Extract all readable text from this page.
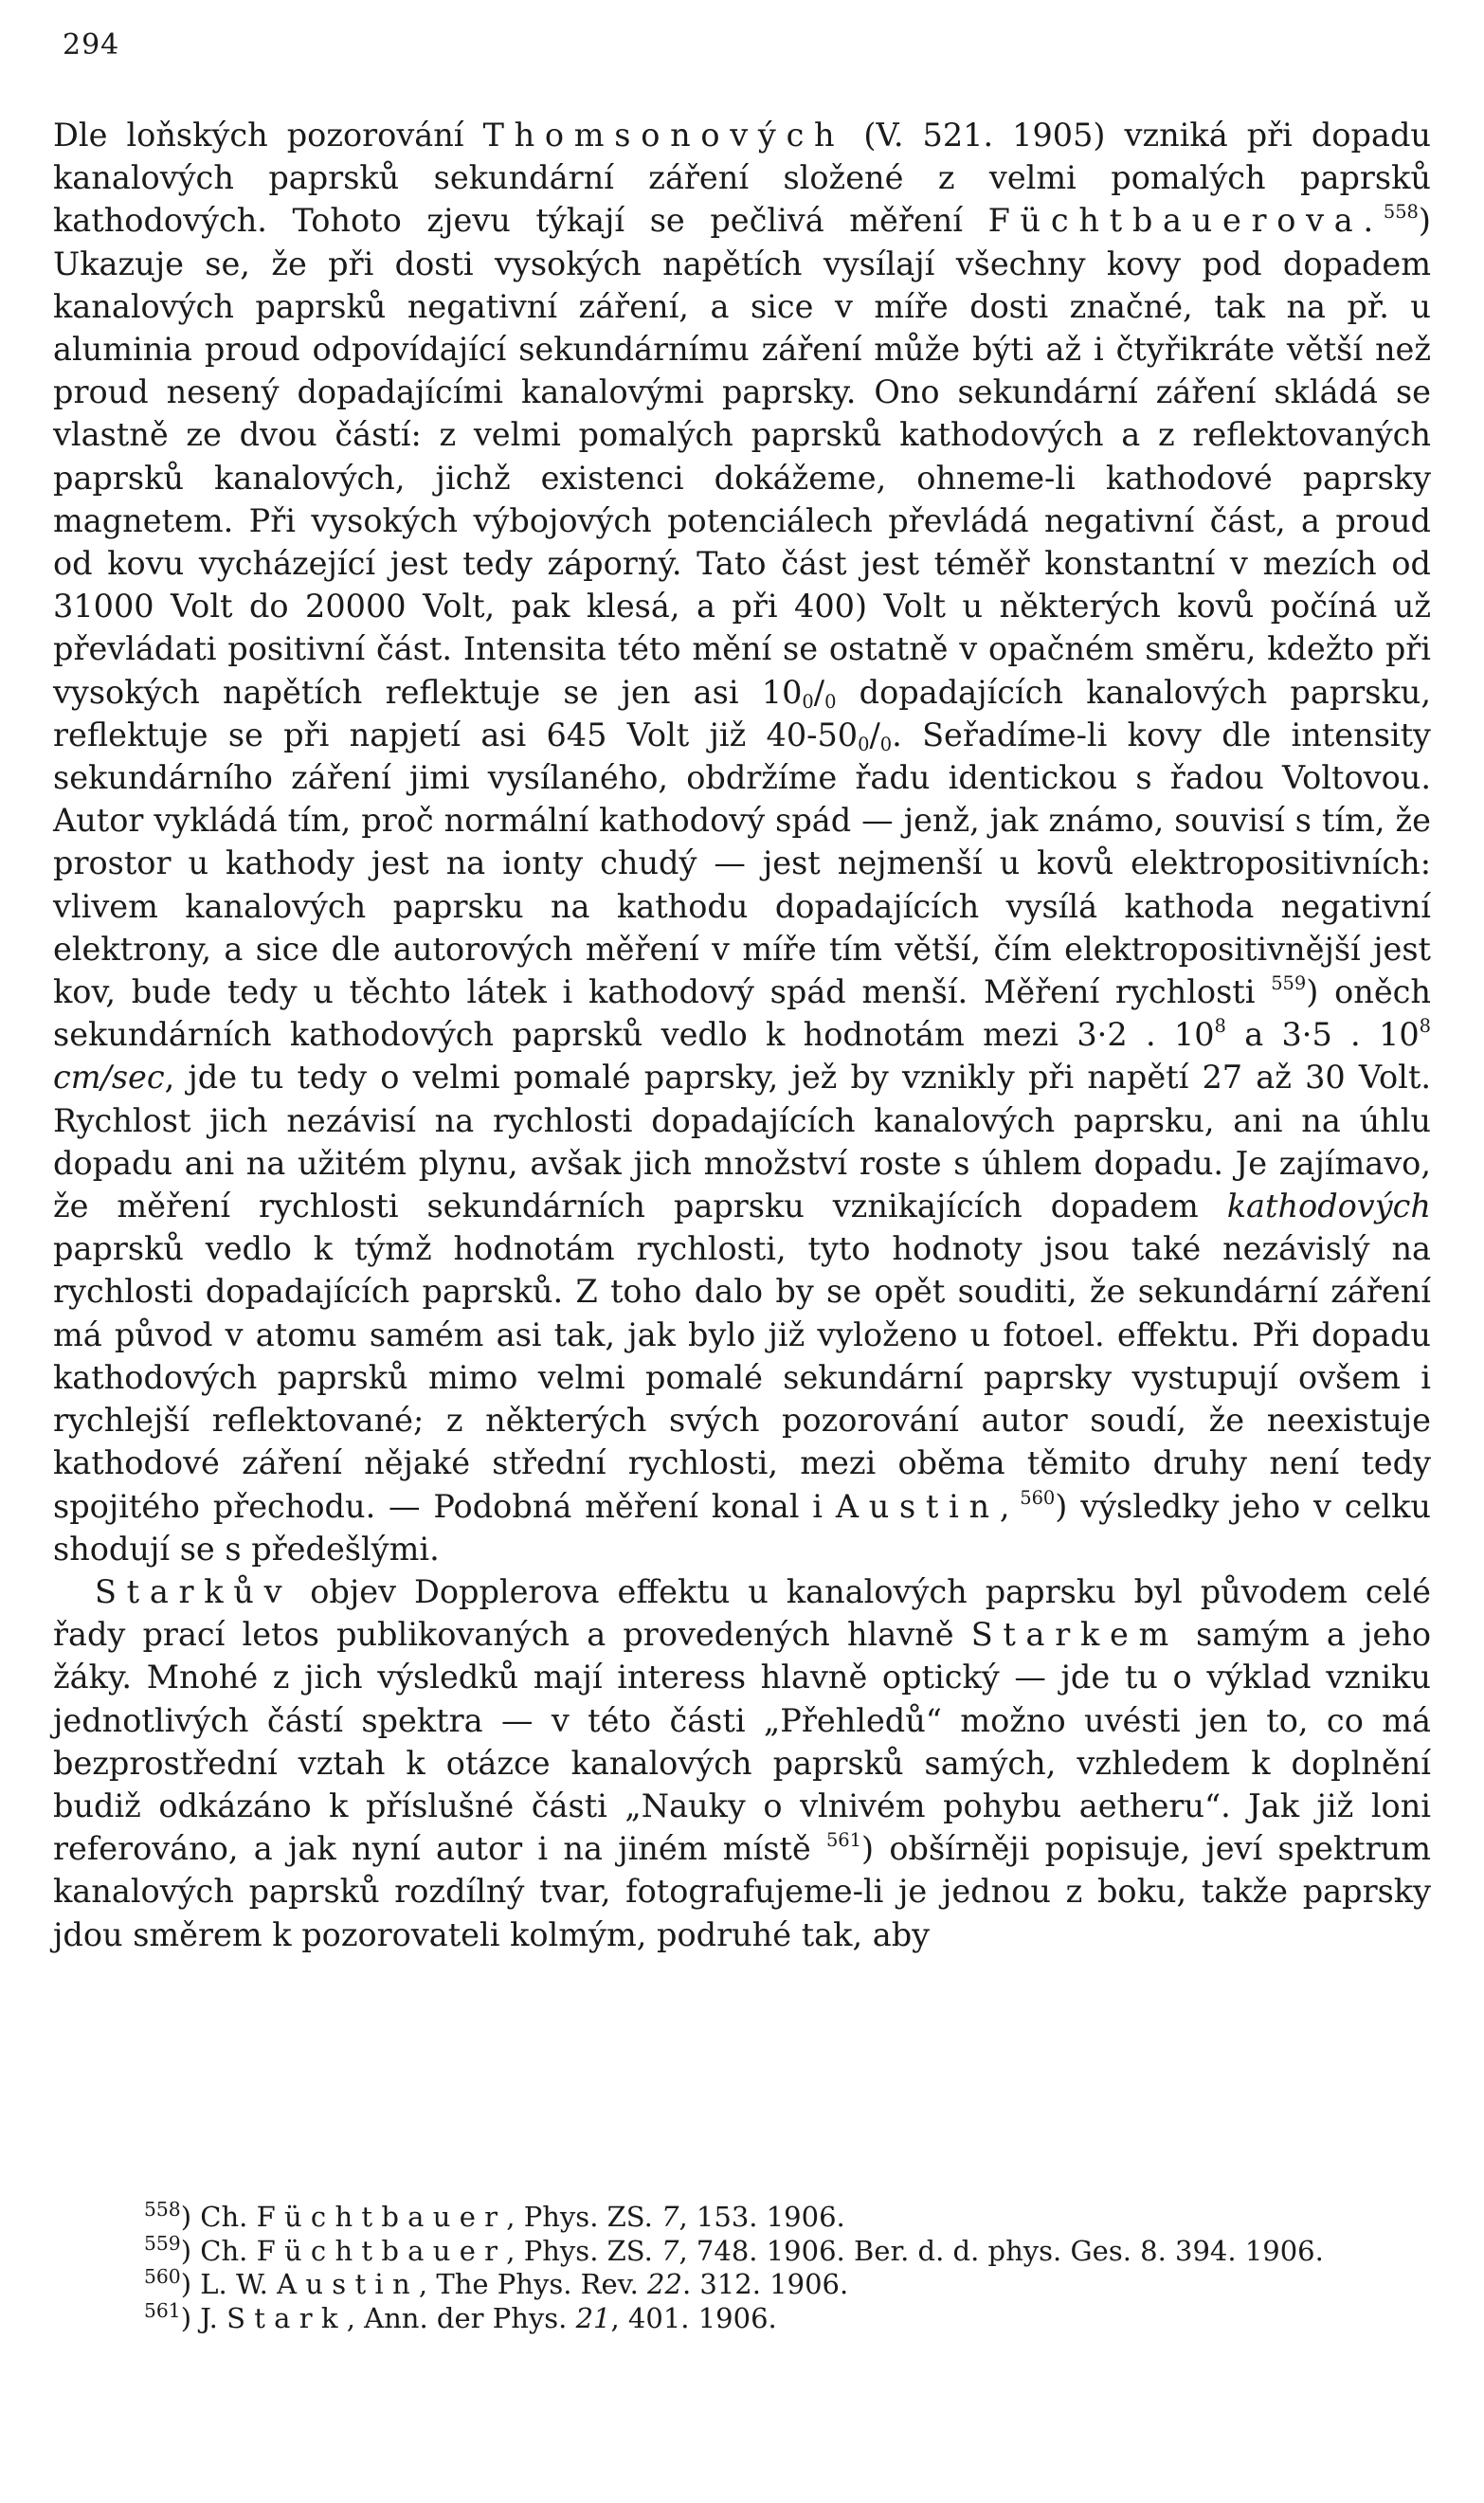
294

Dle loňských pozorování Thomsonových (V. 521. 1905) vzniká při dopadu kanalových paprsků sekundární záření složené z velmi pomalých paprsků kathodových. Tohoto zjevu týkají se pečlivá měření Füchtbauerova.$^{558}$) Ukazuje se, že při dosti vysokých napětích vysílají všechny kovy pod dopadem kanalových paprsků negativní záření, a sice v míře dosti značné, tak na př. u aluminia proud odpovídající sekundárnímu záření může býti až i čtyřikráte větší než proud nesený dopadajícími kanalovými paprsky. Ono sekundární záření skládá se vlastně ze dvou částí: z velmi pomalých paprsků kathodových a z reflektovaných paprsků kanalových, jichž existenci dokážeme, ohneme-li kathodové paprsky magnetem. Při vysokých výbojových potenciálech převládá negativní část, a proud od kovu vycházející jest tedy záporný. Tato část jest téměř konstantní v mezích od 31000 Volt do 20000 Volt, pak klesá, a při 400) Volt u některých kovů počíná už převládati positivní část. Intensita této mění se ostatně v opačném směru, kdežto při vysokých napětích reflektuje se jen asi $10_0/_0$ dopadajících kanalových paprsku, reflektuje se při napjetí asi 645 Volt již $40-50_0/_0$. Seřadíme-li kovy dle intensity sekundárního záření jimi vysílaného, obdržíme řadu identickou s řadou Voltovou. Autor vykládá tím, proč normální kathodový spád — jenž, jak známo, souvisí s tím, že prostor u kathody jest na ionty chudý — jest nejmenší u kovů elektropositivních: vlivem kanalových paprsku na kathodu dopadajících vysílá kathoda negativní elektrony, a sice dle autorových měření v míře tím větší, čím elektropositivnější jest kov, bude tedy u těchto látek i kathodový spád menší. Měření rychlosti $^{559}$) oněch sekundárních kathodových paprsků vedlo k hodnotám mezi 3·2 . $10^8$ a 3·5 . $10^8$ cm/sec, jde tu tedy o velmi pomalé paprsky, jež by vznikly při napětí 27 až 30 Volt. Rychlost jich nezávisí na rychlosti dopadajících kanalových paprsku, ani na úhlu dopadu ani na užitém plynu, avšak jich množství roste s úhlem dopadu. Je zajímavo, že měření rychlosti sekundárních paprsku vznikajících dopadem kathodových paprsků vedlo k týmž hodnotám rychlosti, tyto hodnoty jsou také nezávislý na rychlosti dopadajících paprsků. Z toho dalo by se opět souditi, že sekundární záření má původ v atomu samém asi tak, jak bylo již vyloženo u fotoel. effektu. Při dopadu kathodových paprsků mimo velmi pomalé sekundární paprsky vystupují ovšem i rychlejší reflektované; z některých svých pozorování autor soudí, že neexistuje kathodové záření nějaké střední rychlosti, mezi oběma těmito druhy není tedy spojitého přechodu. — Podobná měření konal i Austin,$^{560}$) výsledky jeho v celku shodují se s předešlými.

Starkův objev Dopplerova effektu u kanalových paprsku byl původem celé řady prací letos publikovaných a provedených hlavně Starkem samým a jeho žáky. Mnohé z jich výsledků mají interess hlavně optický — jde tu o výklad vzniku jednotlivých částí spektra — v této části „Přehledů“ možno uvésti jen to, co má bezprostřední vztah k otázce kanalových paprsků samých, vzhledem k doplnění budiž odkázáno k příslušné části „Nauky o vlnivém pohybu aetheru“. Jak již loni referováno, a jak nyní autor i na jiném místě $^{561}$) obšírněji popisuje, jeví spektrum kanalových paprsků rozdílný tvar, fotografujeme-li je jednou z boku, takže paprsky jdou směrem k pozorovateli kolmým, podruhé tak, aby

$^{558}$) Ch. Füchtbauer, Phys. ZS. 7, 153. 1906.

$^{559}$) Ch. Füchtbauer, Phys. ZS. 7, 748. 1906. Ber. d. d. phys. Ges. 8. 394. 1906.

$^{560}$) L. W. Austin, The Phys. Rev. 22. 312. 1906.

$^{561}$) J. Stark, Ann. der Phys. 21, 401. 1906.
